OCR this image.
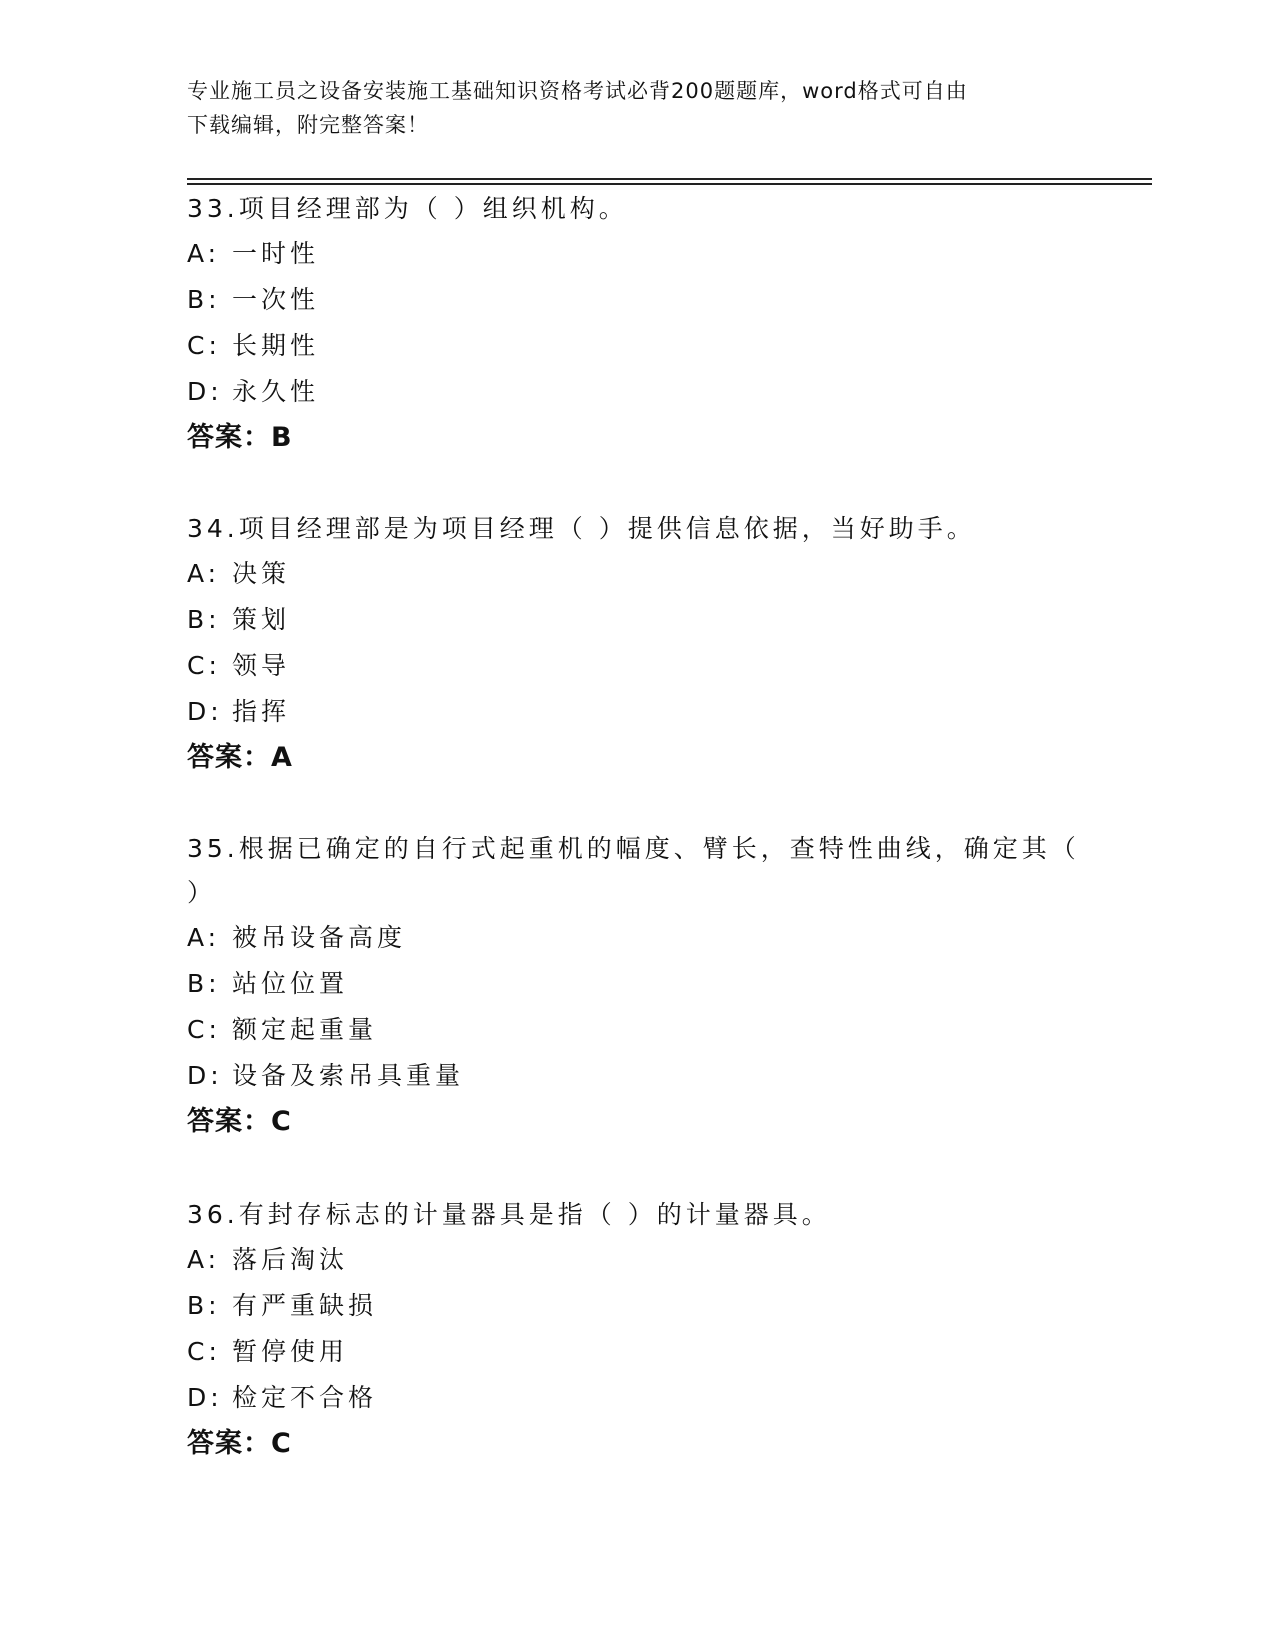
专业施工员之设备安装施工基础知识资格考试必背200题题库，word格式可自由
下载编辑，附完整答案！
33.项目经理部为（ ）组织机构。
A: 一时性
B: 一次性
C: 长期性
D: 永久性
答案：B
34.项目经理部是为项目经理（ ）提供信息依据，当好助手。
A: 决策
B: 策划
C: 领导
D: 指挥
答案：A
35.根据已确定的自行式起重机的幅度、臂长，查特性曲线，确定其（
）
A: 被吊设备高度
B: 站位位置
C: 额定起重量
D: 设备及索吊具重量
答案：C
36.有封存标志的计量器具是指（ ）的计量器具。
A: 落后淘汰
B: 有严重缺损
C: 暂停使用
D: 检定不合格
答案：C
